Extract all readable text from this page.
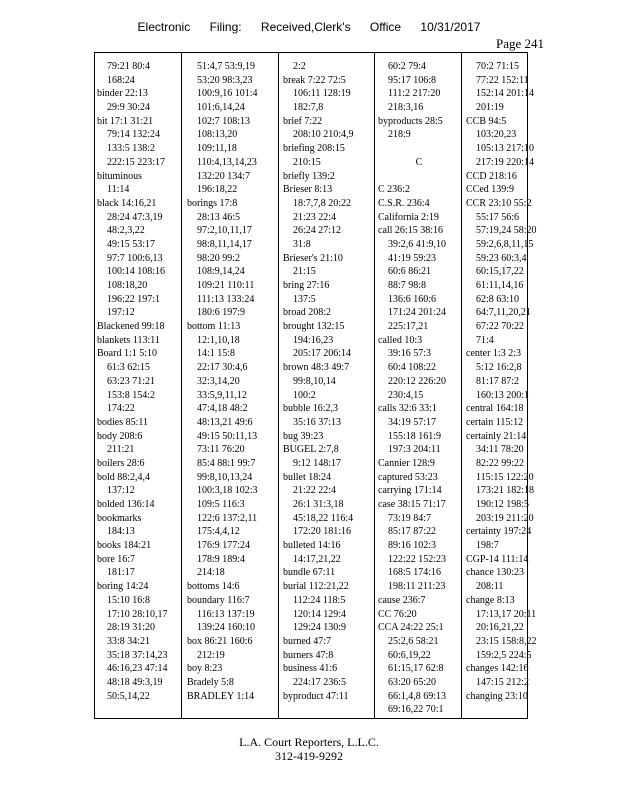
Electronic Filing: Received,Clerk's Office 10/31/2017
Page 241
79:21 80:4
168:24
binder 22:13
29:9 30:24
bit 17:1 31:21
79:14 132:24
133:5 138:2
222:15 223:17
bituminous
11:14
black 14:16,21
28:24 47:3,19
48:2,3,22
49:15 53:17
97:7 100:6,13
100:14 108:16
108:18,20
196:22 197:1
197:12
Blackened 99:18
blankets 113:11
Board 1:1 5:10
61:3 62:15
63:23 71:21
153:8 154:2
174:22
bodies 85:11
body 208:6
211:21
boilers 28:6
bold 88:2,4,4
137:12
bolded 136:14
bookmarks
184:13
books 184:21
bore 16:7
181:17
boring 14:24
15:10 16:8
17:10 28:10,17
28:19 31:20
33:8 34:21
35:18 37:14,23
46:16,23 47:14
48:18 49:3,19
50:5,14,22
51:4,7 53:9,19
53:20 98:3,23
100:9,16 101:4
101:6,14,24
102:7 108:13
108:13,20
109:11,18
110:4,13,14,23
132:20 134:7
196:18,22
borings 17:8
28:13 46:5
97:2,10,11,17
98:8,11,14,17
98:20 99:2
108:9,14,24
109:21 110:11
111:13 133:24
180:6 197:9
bottom 11:13
12:1,10,18
14:1 15:8
22:17 30:4,6
32:3,14,20
33:5,9,11,12
47:4,18 48:2
48:13,21 49:6
49:15 50:11,13
73:11 76:20
85:4 88:1 99:7
99:8,10,13,24
100:3,18 102:3
109:5 116:3
122:6 137:2,11
175:4,4,12
176:9 177:24
178:9 189:4
214:18
bottoms 14:6
boundary 116:7
116:13 137:19
139:24 160:10
box 86:21 160:6
212:19
boy 8:23
Bradely 5:8
BRADLEY 1:14
2:2
break 7:22 72:5
106:11 128:19
182:7,8
brief 7:22
208:10 210:4,9
briefing 208:15
210:15
briefly 139:2
Brieser 8:13
18:7,7,8 20:22
21:23 22:4
26:24 27:12
31:8
Brieser's 21:10
21:15
bring 27:16
137:5
broad 208:2
brought 132:15
194:16,23
205:17 206:14
brown 48:3 49:7
99:8,10,14
100:2
bubble 16:2,3
35:16 37:13
bug 39:23
BUGEL 2:7,8
9:12 148:17
bullet 18:24
21:22 22:4
26:1 31:3,18
45:18,22 116:4
172:20 181:16
bulleted 14:16
14:17,21,22
bundle 67:11
burial 112:21,22
112:24 118:5
120:14 129:4
129:24 130:9
burned 47:7
burners 47:8
business 41:6
224:17 236:5
byproduct 47:11
60:2 79:4
95:17 106:8
111:2 217:20
218:3,16
byproducts 28:5
218:9
C
C 236:2
C.S.R. 236:4
California 2:19
call 26:15 38:16
39:2,6 41:9,10
41:19 59:23
60:6 86:21
88:7 98:8
136:6 160:6
171:24 201:24
225:17,21
called 10:3
39:16 57:3
60:4 108:22
220:12 226:20
230:4,15
calls 32:6 33:1
34:19 57:17
155:18 161:9
197:3 204:11
Cannier 128:9
captured 53:23
carrying 171:14
case 38:15 71:17
73:19 84:7
85:17 87:22
89:16 102:3
122:22 152:23
168:5 174:16
198:11 211:23
cause 236:7
CC 76:20
CCA 24:22 25:1
25:2,6 58:21
60:6,19,22
61:15,17 62:8
63:20 65:20
66:1,4,8 69:13
69:16,22 70:1
70:2 71:15
77:22 152:11
152:14 201:14
201:19
CCB 94:5
103:20,23
105:13 217:10
217:19 220:14
CCD 218:16
CCed 139:9
CCR 23:10 55:2
55:17 56:6
57:19,24 58:20
59:2,6,8,11,15
59:23 60:3,4
60:15,17,22
61:11,14,16
62:8 63:10
64:7,11,20,21
67:22 70:22
71:4
center 1:3 2:3
5:12 16:2,8
81:17 87:2
160:13 200:1
central 164:18
certain 115:12
certainly 21:14
34:11 78:20
82:22 99:22
115:15 122:20
173:21 182:18
190:12 198:5
203:19 211:20
certainty 197:24
198:7
CGP-14 111:14
chance 130:23
208:11
change 8:13
17:13,17 20:11
20:16,21,22
23:15 158:8,22
159:2,5 224:5
changes 142:16
147:15 212:2
changing 23:10
L.A. Court Reporters, L.L.C.
312-419-9292
